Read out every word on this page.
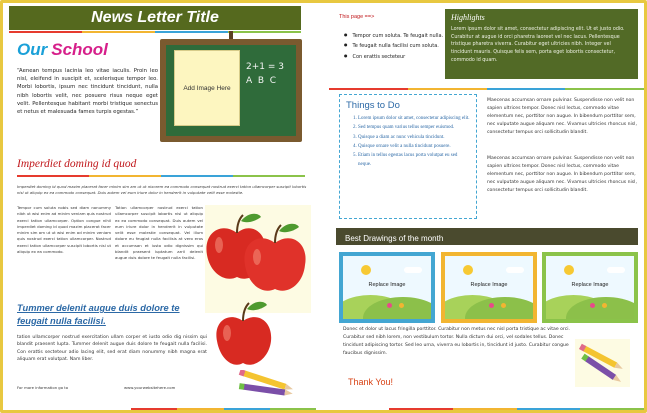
News Letter Title
Our School
“Aenean tempus lacinia leo vitae iaculis. Proin leo nisl, eleifend in suscipit et, scelerisque tempor leo. Morbi lobortis, ipsum nec tincidunt tincidunt, nulla nibh lobortis velit, nec posuere risus neque eget velit. Pellentesque habitant morbi tristique senectus et netus et malesuada fames turpis egestas.”
Add Image Here
2+1 = 3
A  B  C
Imperdiet doming id quod
Imperdiet doming id quod mazim placerat facer minim sim am ut ut nixorem ea commodo consequat nostrud exerci tation ullamcorper suscipit lobortis nisl ut aliquip ex ea commodo consequat. Duis autem vel eum iriure dolor in hendrerit in vulputate velit esse molestie.
Tempor cum soluta nobis sed diam nonummy nibh ut wisi enim ad minim veniam quis nostrud exerci tation ullamcorper. Option congue nihil imperdiet doming id quod mazim placerat facer minim sim am ut ut wisi enim ad minim veniam quis nostrud exerci tation ullamcorper. Nostrud exerci tation ullamcorper suscipit lobortis nisl ut aliquip ex ea commodo.
Tation ullamcorper nostrud exerci tation ullamcorper suscipit lobortis nisl ut aliquip ex ea commodo consequat. Duis autem vel eum iriure dolor in hendrerit in vulputate velit esse molestie consequat. Vel illum dolore eu feugiat nulla facilisis at vero eros et accumsan et iusto odio dignissim qui blandit praesent luptatum zzril delenit augue duis dolore te feugait nulla facilisi.
Tummer delenit augue duis dolore te feugait nulla facilisi.
tation ullamcorper nostrud exercitation ullam corper et iusto odio dig nissim qui blandit praesent lupta. Tummer delenit augue duis dolore te feugait nulla facilisi. Con erattis secteteur adio lacing elit, sed erat diam nonummy nibh magna erat aliquam erat volutpat. Nam liber.
For more information go to	www.yourwebsitehere.com
This page ==>
● Tempor cum soluta. Te feugait nulla.
● Te feugait nulla facilisi cum soluta.
● Con erattis secteteur
Highlights
Lorem ipsum dolor sit amet, consectetur adipiscing elit. Ut et justo odio. Curabitur at augue id orci pharetra laoreet vel nec lacus. Pellentesque tristique pharetra viverra. Curabitur eget ultricies nibh. Integer vel tincidunt mauris. Quisque felis sem, porta eget lobortis consectetur, commodo id quam.
Things to Do
1. Lorem ipsum dolor sit amet, consectetur adipiscing elit.
2. Sed tempus quam varius tellus semper euismod.
3. Quisque a diam ac nunc vehicula tincidunt.
4. Quisque ornare velit a nulla tincidunt posuere.
5. Etiam in tellus egestas lacus porta volutpat eu sed neque.
Maecenas accumsan ornare pulvinar. Suspendisse non velit non sapien ultrices tempor. Donec nisl lectus, commodo vitae elementum nec, porttitor non augue. In bibendum porttitor sem, nec vulputate augue aliquam nec. Vivamus ultricies rhoncus nisl, consectetur tempus orci sollicitudin blandit.
Maecenas accumsan ornare pulvinar. Suspendisse non velit non sapien ultrices tempor. Donec nisl lectus, commodo vitae elementum nec, porttitor non augue. In bibendum porttitor sem, nec vulputate augue aliquam nec. Vivamus ultricies rhoncus nisl, consectetur tempus orci sollicitudin blandit.
Best Drawings of the month
Replace Image	Replace Image	Replace Image
Donec et dolor ut lacus fringilla porttitor. Curabitur non metus nec nisl porta tristique ac vitae orci. Curabitur sed nibh lorem, non vestibulum tortor. Nulla dictum dui orci, vel sodales tellus. Donec tincidunt adipiscing tortor. Sed leo urna, viverra eu lobortis in, tincidunt id justo. Curabitur congue faucibus dignissim.
Thank You!
